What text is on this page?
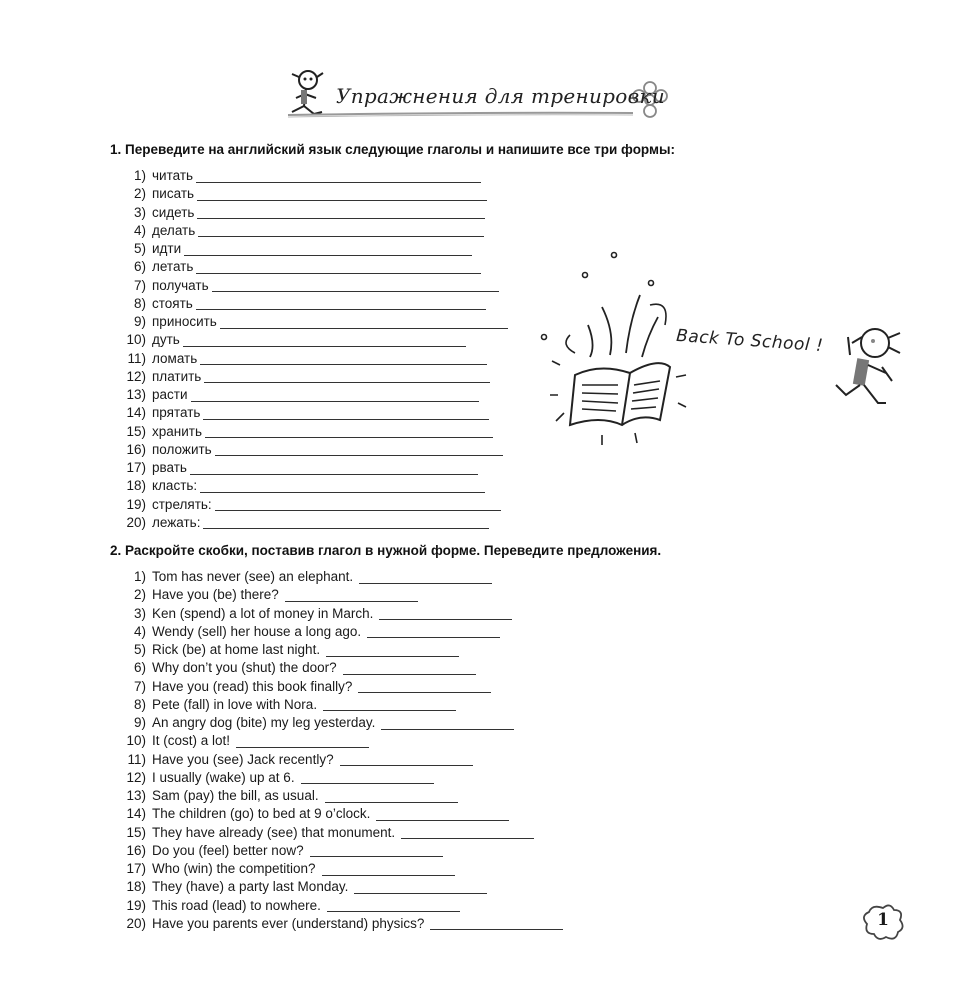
Упражнения для тренировки
1. Переведите на английский язык следующие глаголы и напишите все три формы:
1) читать
2) писать
3) сидеть
4) делать
5) идти
6) летать
7) получать
8) стоять
9) приносить
10) дуть
11) ломать
12) платить
13) расти
14) прятать
15) хранить
16) положить
17) рвать
18) класть:
19) стрелять:
20) лежать:
Back To School !
2. Раскройте скобки, поставив глагол в нужной форме. Переведите предложения.
1) Tom has never (see) an elephant.
2) Have you (be) there?
3) Ken (spend) a lot of money in March.
4) Wendy (sell) her house a long ago.
5) Rick (be) at home last night.
6) Why don’t you (shut) the door?
7) Have you (read) this book finally?
8) Pete (fall) in love with Nora.
9) An angry dog (bite) my leg yesterday.
10) It (cost) a lot!
11) Have you (see) Jack recently?
12) I usually (wake) up at 6.
13) Sam (pay) the bill, as usual.
14) The children (go) to bed at 9 o’clock.
15) They have already (see) that monument.
16) Do you (feel) better now?
17) Who (win) the competition?
18) They (have) a party last Monday.
19) This road (lead) to nowhere.
20) Have you parents ever (understand) physics?	1
